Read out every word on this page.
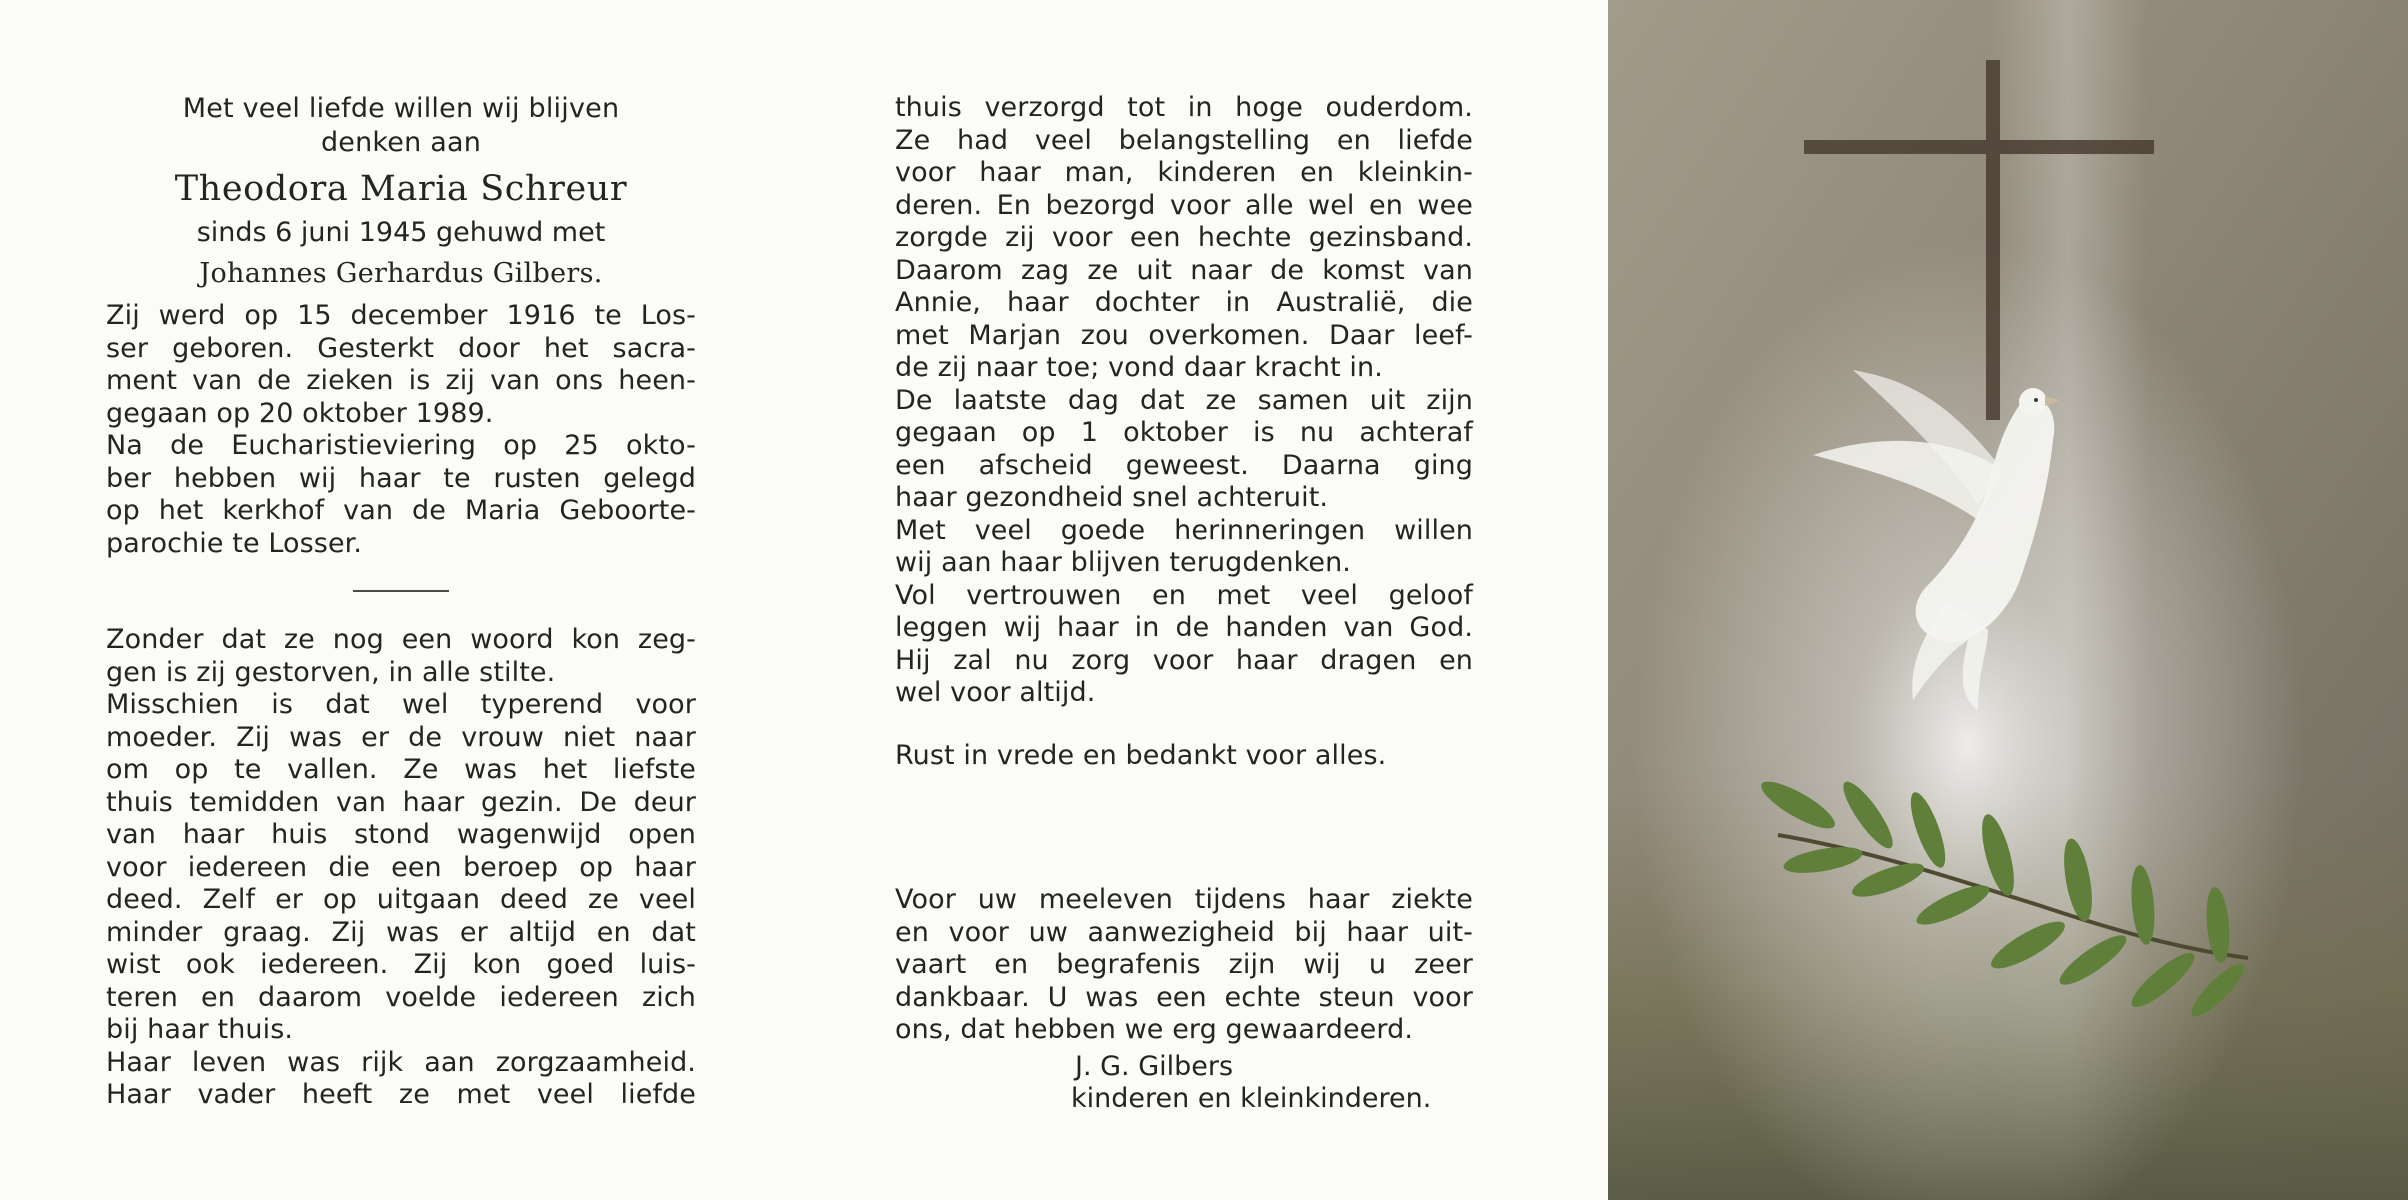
Met veel liefde willen wij blijven
denken aan

Theodora Maria Schreur

sinds 6 juni 1945 gehuwd met

Johannes Gerhardus Gilbers.

Zij werd op 15 december 1916 te Los-
ser geboren. Gesterkt door het sacra-
ment van de zieken is zij van ons heen-
gegaan op 20 oktober 1989.
Na de Eucharistieviering op 25 okto-
ber hebben wij haar te rusten gelegd
op het kerkhof van de Maria Geboorte-
parochie te Losser.

Zonder dat ze nog een woord kon zeg-
gen is zij gestorven, in alle stilte.
Misschien is dat wel typerend voor
moeder. Zij was er de vrouw niet naar
om op te vallen. Ze was het liefste
thuis temidden van haar gezin. De deur
van haar huis stond wagenwijd open
voor iedereen die een beroep op haar
deed. Zelf er op uitgaan deed ze veel
minder graag. Zij was er altijd en dat
wist ook iedereen. Zij kon goed luis-
teren en daarom voelde iedereen zich
bij haar thuis.
Haar leven was rijk aan zorgzaamheid.
Haar vader heeft ze met veel liefde

thuis verzorgd tot in hoge ouderdom.
Ze had veel belangstelling en liefde
voor haar man, kinderen en kleinkin-
deren. En bezorgd voor alle wel en wee
zorgde zij voor een hechte gezinsband.
Daarom zag ze uit naar de komst van
Annie, haar dochter in Australië, die
met Marjan zou overkomen. Daar leef-
de zij naar toe; vond daar kracht in.
De laatste dag dat ze samen uit zijn
gegaan op 1 oktober is nu achteraf
een afscheid geweest. Daarna ging
haar gezondheid snel achteruit.
Met veel goede herinneringen willen
wij aan haar blijven terugdenken.
Vol vertrouwen en met veel geloof
leggen wij haar in de handen van God.
Hij zal nu zorg voor haar dragen en
wel voor altijd.

Rust in vrede en bedankt voor alles.

Voor uw meeleven tijdens haar ziekte
en voor uw aanwezigheid bij haar uit-
vaart en begrafenis zijn wij u zeer
dankbaar. U was een echte steun voor
ons, dat hebben we erg gewaardeerd.

J. G. Gilbers
kinderen en kleinkinderen.
